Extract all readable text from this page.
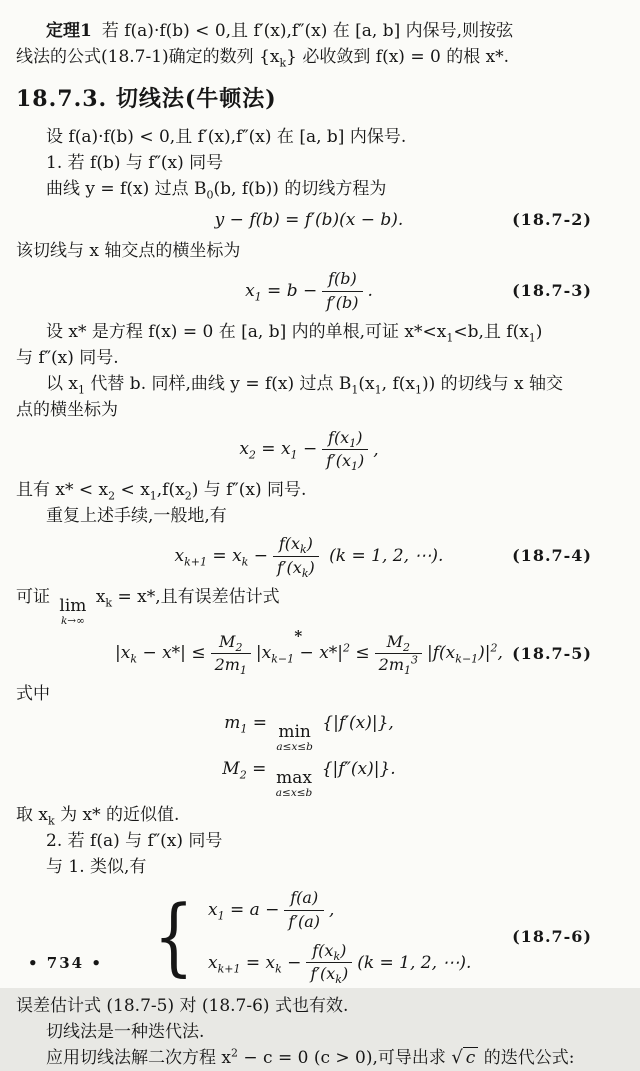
定理1 若 f(a)·f(b) < 0,且 f′(x),f″(x) 在 [a, b] 内保号,则按弦
线法的公式(18.7-1)确定的数列 $\{x_k\}$ 必收敛到 f(x) = 0 的根 x*.
18.7.3. 切线法(牛顿法)
设 f(a)·f(b) < 0,且 f′(x),f″(x) 在 [a, b] 内保号.
1. 若 f(b) 与 f″(x) 同号
曲线 y = f(x) 过点 $B_0(b$, f(b)) 的切线方程为
y − f(b) = f′(b)(x − b).	(18.7-2)
该切线与 x 轴交点的横坐标为
$x_1 = b - \frac{f(b)}{f'(b)}$ .	(18.7-3)
设 x* 是方程 f(x) = 0 在 [a, b] 内的单根,可证 $x*<x_1<b$,且 $f(x_1)$
与 f″(x) 同号.
以 $x_1$ 代替 b. 同样,曲线 y = f(x) 过点 $B_1(x_1$, $f(x_1)$) 的切线与 x 轴交
点的横坐标为
$x_2 = x_1 - \frac{f(x_1)}{f'(x_1)}$ ,
且有 $x* < x_2 < x_1,f(x_2)$ 与 f″(x) 同号.
重复上述手续,一般地,有
$x_{k+1} = x_k - \frac{f(x_k)}{f'(x_k)} (k = 1$, 2, ⋯).	(18.7-4)
可证 lim
k→∞
$x_k = x*$,且有误差估计式
*
$|x_k - x*| \le \frac{M_2}{2m_1} |x_{k-1} - x*|^2 \le \frac{M_2}{2m_1^3} |f(x_{k-1})|^2$, (18.7-5)
式中
$m_1 = \min$
a≤x≤b
{|f′(x)|},
$M_2 = \max$
a≤x≤b
{|f″(x)|}.
取 $x_k$ 为 x* 的近似值.
2. 若 f(a) 与 f″(x) 同号
与 1. 类似,有
{
$x_1 = a - \frac{f(a)}{f'(a)}$ ,
$x_{k+1} = x_k - \frac{f(x_k)}{f'(x_k)} (k = 1$, 2, ⋯).
(18.7-6)
误差估计式 (18.7-5) 对 (18.7-6) 式也有效.
切线法是一种迭代法.
应用切线法解二次方程 $x^2 - c = 0$ (c > 0),可导出求 √ c 的迭代公式:
• 734 •
